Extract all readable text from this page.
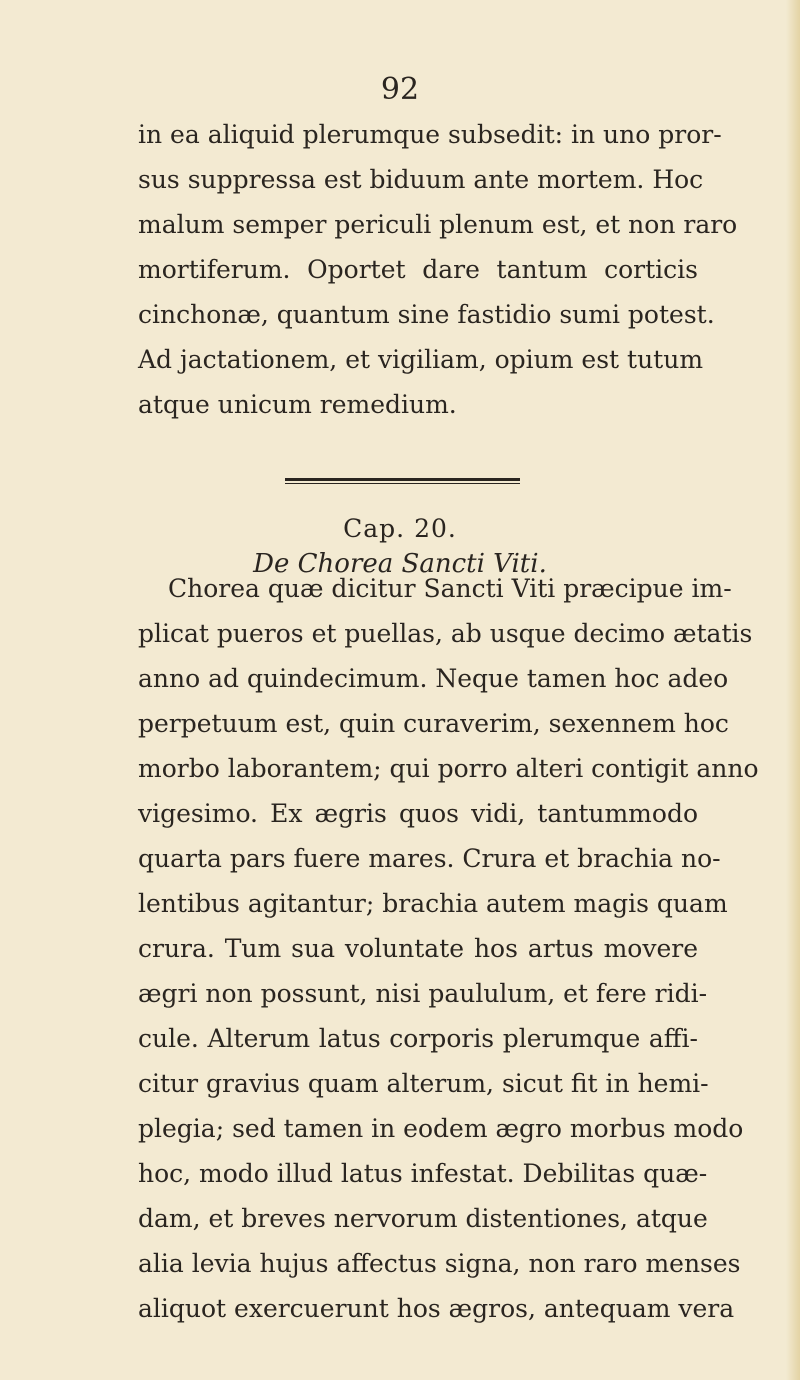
92
in ea aliquid plerumque subsedit: in uno pror-
sus suppressa est biduum ante mortem. Hoc
malum semper periculi plenum est, et non raro
mortiferum. Oportet dare tantum corticis
cinchonæ, quantum sine fastidio sumi potest.
Ad jactationem, et vigiliam, opium est tutum
atque unicum remedium.
Cap. 20.
De Chorea Sancti Viti.
Chorea quæ dicitur Sancti Viti præcipue im-
plicat pueros et puellas, ab usque decimo ætatis
anno ad quindecimum. Neque tamen hoc adeo
perpetuum est, quin curaverim, sexennem hoc
morbo laborantem; qui porro alteri contigit anno
vigesimo. Ex ægris quos vidi, tantummodo
quarta pars fuere mares. Crura et brachia no-
lentibus agitantur; brachia autem magis quam
crura. Tum sua voluntate hos artus movere
ægri non possunt, nisi paululum, et fere ridi-
cule. Alterum latus corporis plerumque affi-
citur gravius quam alterum, sicut fit in hemi-
plegia; sed tamen in eodem ægro morbus modo
hoc, modo illud latus infestat. Debilitas quæ-
dam, et breves nervorum distentiones, atque
alia levia hujus affectus signa, non raro menses
aliquot exercuerunt hos ægros, antequam vera
